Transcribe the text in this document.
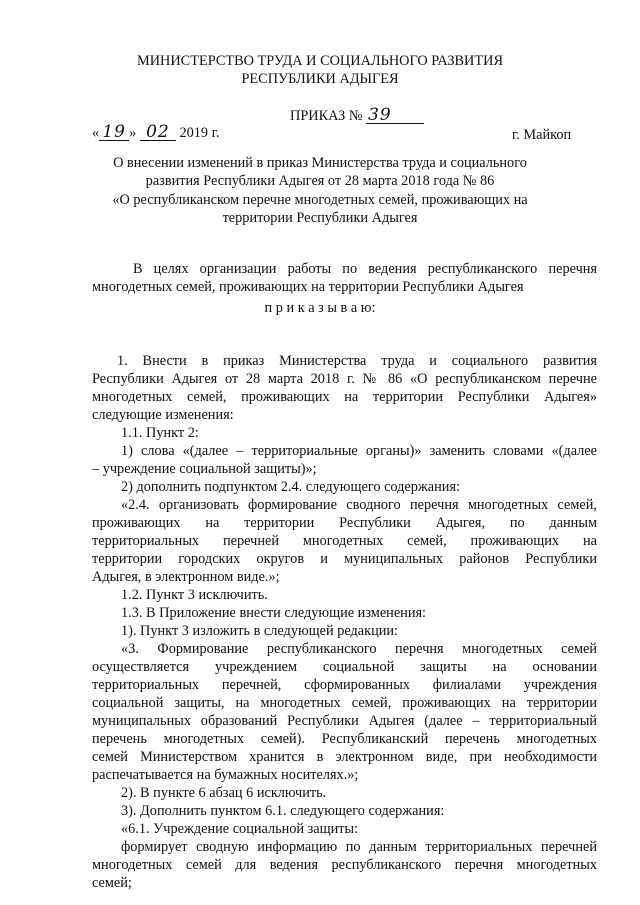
МИНИСТЕРСТВО ТРУДА И СОЦИАЛЬНОГО РАЗВИТИЯ

РЕСПУБЛИКИ АДЫГЕЯ

ПРИКАЗ № 39
« 19 » 02 2019 г.	г. Майкоп

О внесении изменений в приказ Министерства труда и социального

развития Республики Адыгея от 28 марта 2018 года № 86

«О республиканском перечне многодетных семей, проживающих на

территории Республики Адыгея

В целях организации работы по ведения республиканского перечня

многодетных семей, проживающих на территории Республики Адыгея

п р и к а з ы в а ю:

1. Внести в приказ Министерства труда и социального развития

Республики Адыгея от 28 марта 2018 г. № 86 «О республиканском перечне

многодетных семей, проживающих на территории Республики Адыгея»

следующие изменения:

1.1. Пункт 2:

1) слова «(далее – территориальные органы)» заменить словами «(далее

– учреждение социальной защиты)»;

2) дополнить подпунктом 2.4. следующего содержания:

«2.4. организовать формирование сводного перечня многодетных семей,

проживающих на территории Республики Адыгея, по данным

территориальных перечней многодетных семей, проживающих на

территории городских округов и муниципальных районов Республики

Адыгея, в электронном виде.»;

1.2. Пункт 3 исключить.

1.3. В Приложение внести следующие изменения:

1). Пункт 3 изложить в следующей редакции:

«3. Формирование республиканского перечня многодетных семей

осуществляется учреждением социальной защиты на основании

территориальных перечней, сформированных филиалами учреждения

социальной защиты, на многодетных семей, проживающих на территории

муниципальных образований Республики Адыгея (далее – территориальный

перечень многодетных семей). Республиканский перечень многодетных

семей Министерством хранится в электронном виде, при необходимости

распечатывается на бумажных носителях.»;

2). В пункте 6 абзац 6 исключить.

3). Дополнить пунктом 6.1. следующего содержания:

«6.1. Учреждение социальной защиты:

формирует сводную информацию по данным территориальных перечней

многодетных семей для ведения республиканского перечня многодетных

семей;
